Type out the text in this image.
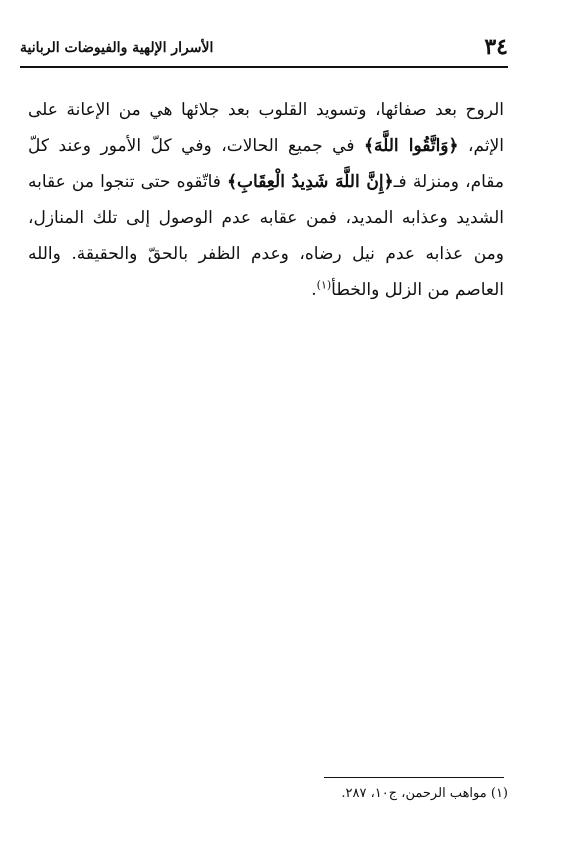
٣٤
الأسرار الإلهية والفيوضات الربانية

الروح بعد صفائها، وتسويد القلوب بعد جلائها هي من الإعانة على الإثم، ﴿وَاتَّقُوا اللَّهَ﴾ في جميع الحالات، وفي كلّ الأمور وعند كلّ مقام، ومنزلة فـ﴿إِنَّ اللَّهَ شَدِيدُ الْعِقَابِ﴾ فاتّقوه حتى تنجوا من عقابه الشديد وعذابه المديد، فمن عقابه عدم الوصول إلى تلك المنازل، ومن عذابه عدم نيل رضاه، وعدم الظفر بالحقّ والحقيقة. والله العاصم من الزلل والخطأ$^{(١)}$.

(١) مواهب الرحمن، ج١٠، ٢٨٧.
